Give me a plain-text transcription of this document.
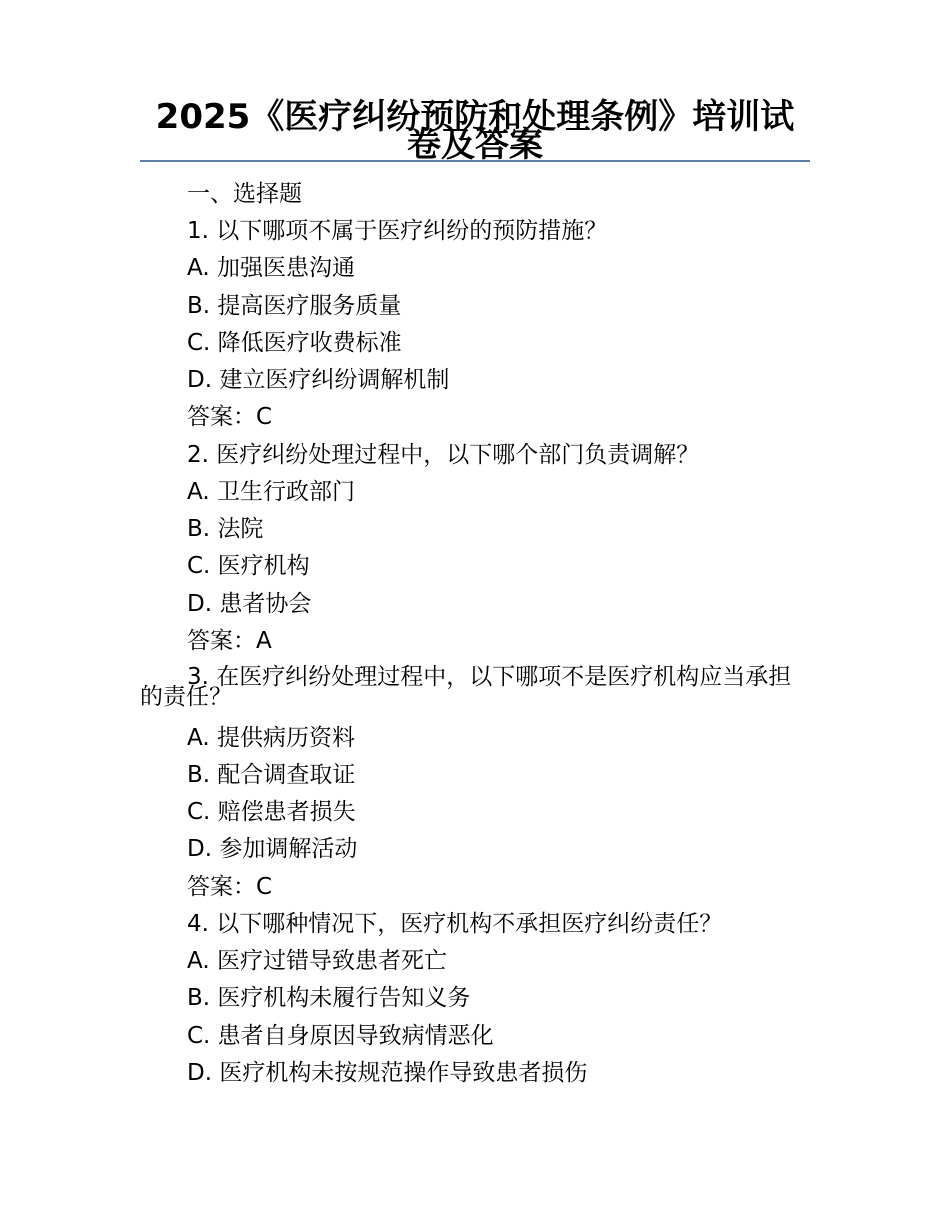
2025《医疗纠纷预防和处理条例》培训试卷及答案
一、选择题
1. 以下哪项不属于医疗纠纷的预防措施？
A. 加强医患沟通
B. 提高医疗服务质量
C. 降低医疗收费标准
D. 建立医疗纠纷调解机制
答案：C
2. 医疗纠纷处理过程中，以下哪个部门负责调解？
A. 卫生行政部门
B. 法院
C. 医疗机构
D. 患者协会
答案：A
3. 在医疗纠纷处理过程中，以下哪项不是医疗机构应当承担的责任？
A. 提供病历资料
B. 配合调查取证
C. 赔偿患者损失
D. 参加调解活动
答案：C
4. 以下哪种情况下，医疗机构不承担医疗纠纷责任？
A. 医疗过错导致患者死亡
B. 医疗机构未履行告知义务
C. 患者自身原因导致病情恶化
D. 医疗机构未按规范操作导致患者损伤
